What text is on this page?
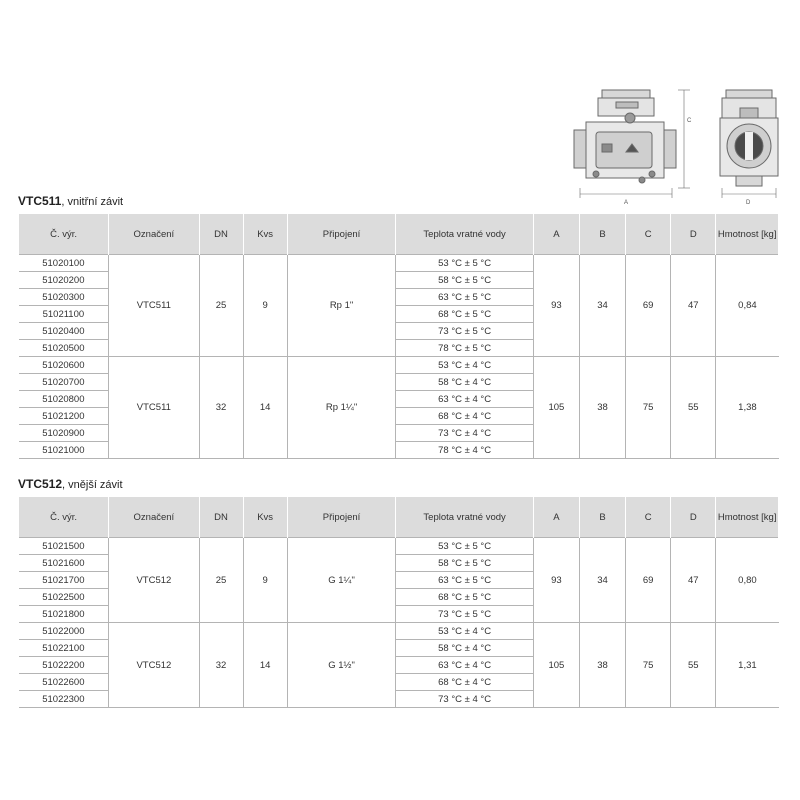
A
C
D
VTC511, vnitřní závit
Č. výr.	Označení	DN	Kvs	Připojení	Teplota vratné vody	A	B	C	D	Hmotnost [kg]
51020100	VTC511	25	9	Rp 1"	53 °C ± 5 °C	93	34	69	47	0,84
51020200					58 °C ± 5 °C					
51020300					63 °C ± 5 °C					
51021100					68 °C ± 5 °C					
51020400					73 °C ± 5 °C					
51020500					78 °C ± 5 °C					
51020600	VTC511	32	14	Rp 1¼"	53 °C ± 4 °C	105	38	75	55	1,38
51020700					58 °C ± 4 °C					
51020800					63 °C ± 4 °C					
51021200					68 °C ± 4 °C					
51020900					73 °C ± 4 °C					
51021000					78 °C ± 4 °C					
VTC512, vnější závit
Č. výr.	Označení	DN	Kvs	Připojení	Teplota vratné vody	A	B	C	D	Hmotnost [kg]
51021500	VTC512	25	9	G 1¼"	53 °C ± 5 °C	93	34	69	47	0,80
51021600					58 °C ± 5 °C					
51021700					63 °C ± 5 °C					
51022500					68 °C ± 5 °C					
51021800					73 °C ± 5 °C					
51022000	VTC512	32	14	G 1½"	53 °C ± 4 °C	105	38	75	55	1,31
51022100					58 °C ± 4 °C					
51022200					63 °C ± 4 °C					
51022600					68 °C ± 4 °C					
51022300					73 °C ± 4 °C					
